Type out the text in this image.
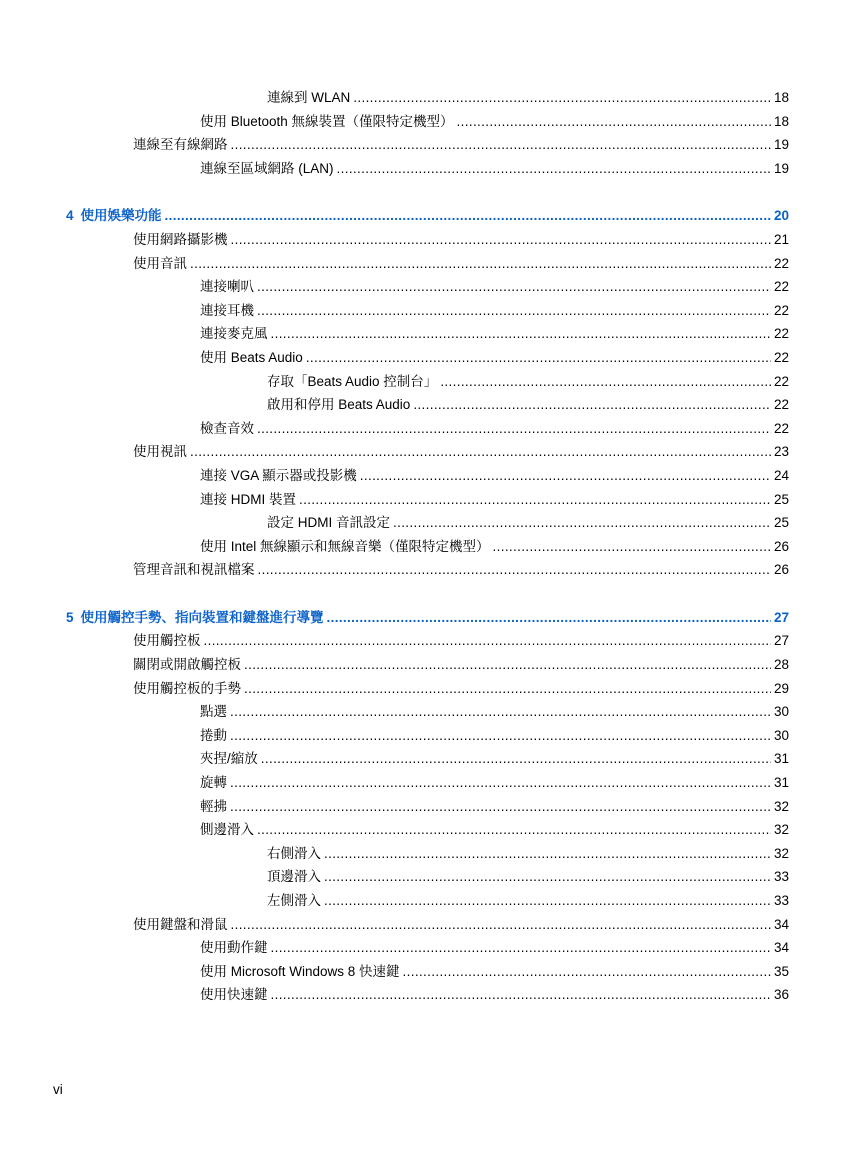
連線到 WLAN . . .	18
使用 Bluetooth 無線裝置（僅限特定機型） . . .	18
連線至有線網路 . . .	19
連線至區域網路 (LAN) . . .	19
4 使用娛樂功能 . . .	20
使用網路攝影機 . . .	21
使用音訊 . . .	22
連接喇叭 . . .	22
連接耳機 . . .	22
連接麥克風 . . .	22
使用 Beats Audio . . .	22
存取「Beats Audio 控制台」 . . .	22
啟用和停用 Beats Audio . . .	22
檢查音效 . . .	22
使用視訊 . . .	23
連接 VGA 顯示器或投影機 . . .	24
連接 HDMI 裝置 . . .	25
設定 HDMI 音訊設定 . . .	25
使用 Intel 無線顯示和無線音樂（僅限特定機型） . . .	26
管理音訊和視訊檔案 . . .	26
5 使用觸控手勢、指向裝置和鍵盤進行導覽 . . .	27
使用觸控板 . . .	27
關閉或開啟觸控板 . . .	28
使用觸控板的手勢 . . .	29
點選 . . .	30
捲動 . . .	30
夾捏/縮放 . . .	31
旋轉 . . .	31
輕拂 . . .	32
側邊滑入 . . .	32
右側滑入 . . .	32
頂邊滑入 . . .	33
左側滑入 . . .	33
使用鍵盤和滑鼠 . . .	34
使用動作鍵 . . .	34
使用 Microsoft Windows 8 快速鍵 . . .	35
使用快速鍵 . . .	36
vi
